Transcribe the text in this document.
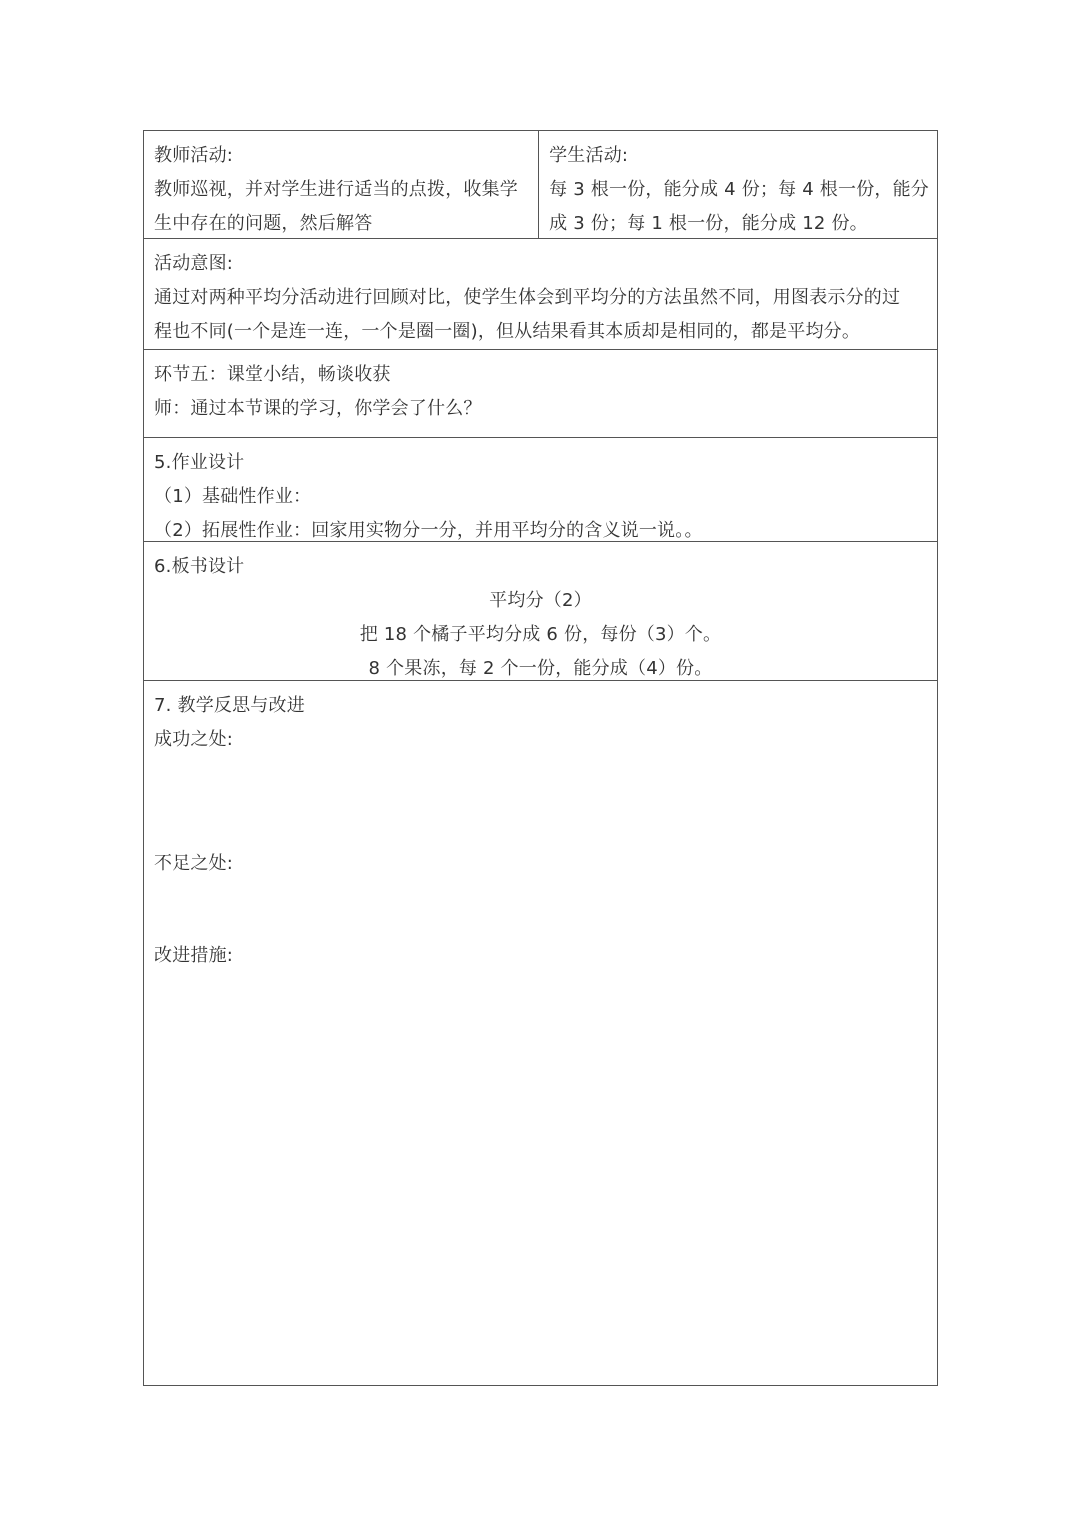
教师活动:
教师巡视，并对学生进行适当的点拨，收集学
生中存在的问题，然后解答
学生活动:
每 3 根一份，能分成 4 份；每 4 根一份，能分
成 3 份；每 1 根一份，能分成 12 份。
活动意图:
通过对两种平均分活动进行回顾对比，使学生体会到平均分的方法虽然不同，用图表示分的过
程也不同(一个是连一连，一个是圈一圈)，但从结果看其本质却是相同的，都是平均分。
环节五：课堂小结，畅谈收获
师：通过本节课的学习，你学会了什么？
5.作业设计
（1）基础性作业：
（2）拓展性作业：回家用实物分一分，并用平均分的含义说一说。。
6.板书设计
平均分（2）
把 18 个橘子平均分成 6 份，每份（3）个。
8 个果冻，每 2 个一份，能分成（4）份。
7. 教学反思与改进
成功之处:
不足之处:
改进措施:
